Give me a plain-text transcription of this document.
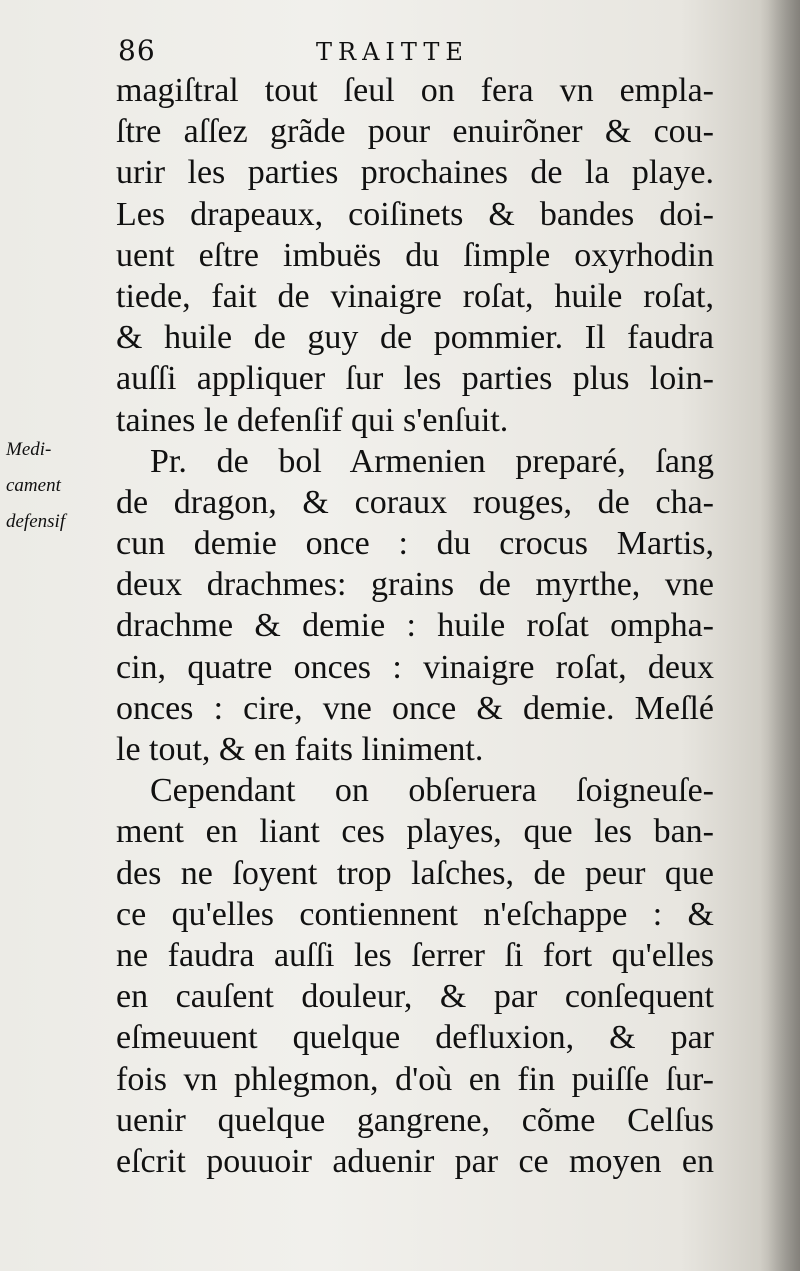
86	TRAITTE
Medi-
cament
defensif
magiſtral tout ſeul on fera vn empla-
ſtre aſſez grãde pour enuirõner & cou-
urir les parties prochaines de la playe.
Les drapeaux, coiſinets & bandes doi-
uent eſtre imbuës du ſimple oxyrhodin
tiede, fait de vinaigre roſat, huile roſat,
& huile de guy de pommier. Il faudra
auſſi appliquer ſur les parties plus loin-
taines le defenſif qui s'enſuit.
Pr. de bol Armenien preparé, ſang
de dragon, & coraux rouges, de cha-
cun demie once : du crocus Martis,
deux drachmes: grains de myrthe, vne
drachme & demie : huile roſat ompha-
cin, quatre onces : vinaigre roſat, deux
onces : cire, vne once & demie. Meſlé
le tout, & en faits liniment.
Cependant on obſeruera ſoigneuſe-
ment en liant ces playes, que les ban-
des ne ſoyent trop laſches, de peur que
ce qu'elles contiennent n'eſchappe : &
ne faudra auſſi les ſerrer ſi fort qu'elles
en cauſent douleur, & par conſequent
eſmeuuent quelque defluxion, & par
fois vn phlegmon, d'où en fin puiſſe ſur-
uenir quelque gangrene, cõme Celſus
eſcrit pouuoir aduenir par ce moyen en
